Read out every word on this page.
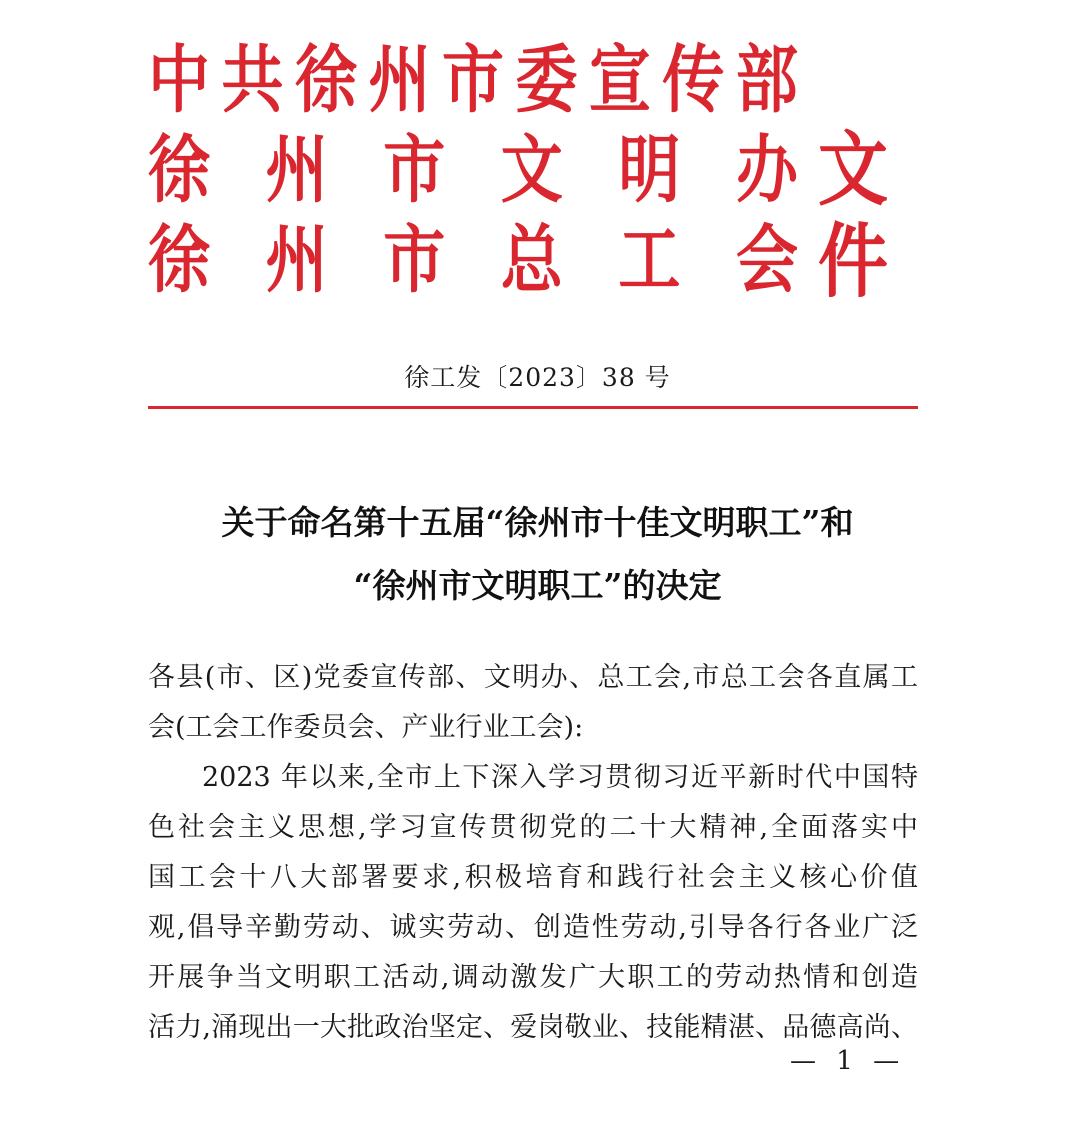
中 共 徐 州 市 委 宣 传 部
徐 州 市 文 明 办 文件
徐 州 市 总 工 会
徐工发〔2023〕38 号
关于命名第十五届“徐州市十佳文明职工”和
“徐州市文明职工”的决定
各县(市、区)党委宣传部、文明办、总工会,市总工会各直属工
会(工会工作委员会、产业行业工会):
2023 年以来,全市上下深入学习贯彻习近平新时代中国特
色社会主义思想,学习宣传贯彻党的二十大精神,全面落实中
国工会十八大部署要求,积极培育和践行社会主义核心价值
观,倡导辛勤劳动、诚实劳动、创造性劳动,引导各行各业广泛
开展争当文明职工活动,调动激发广大职工的劳动热情和创造
活力,涌现出一大批政治坚定、爱岗敬业、技能精湛、品德高尚、
— 1 —
